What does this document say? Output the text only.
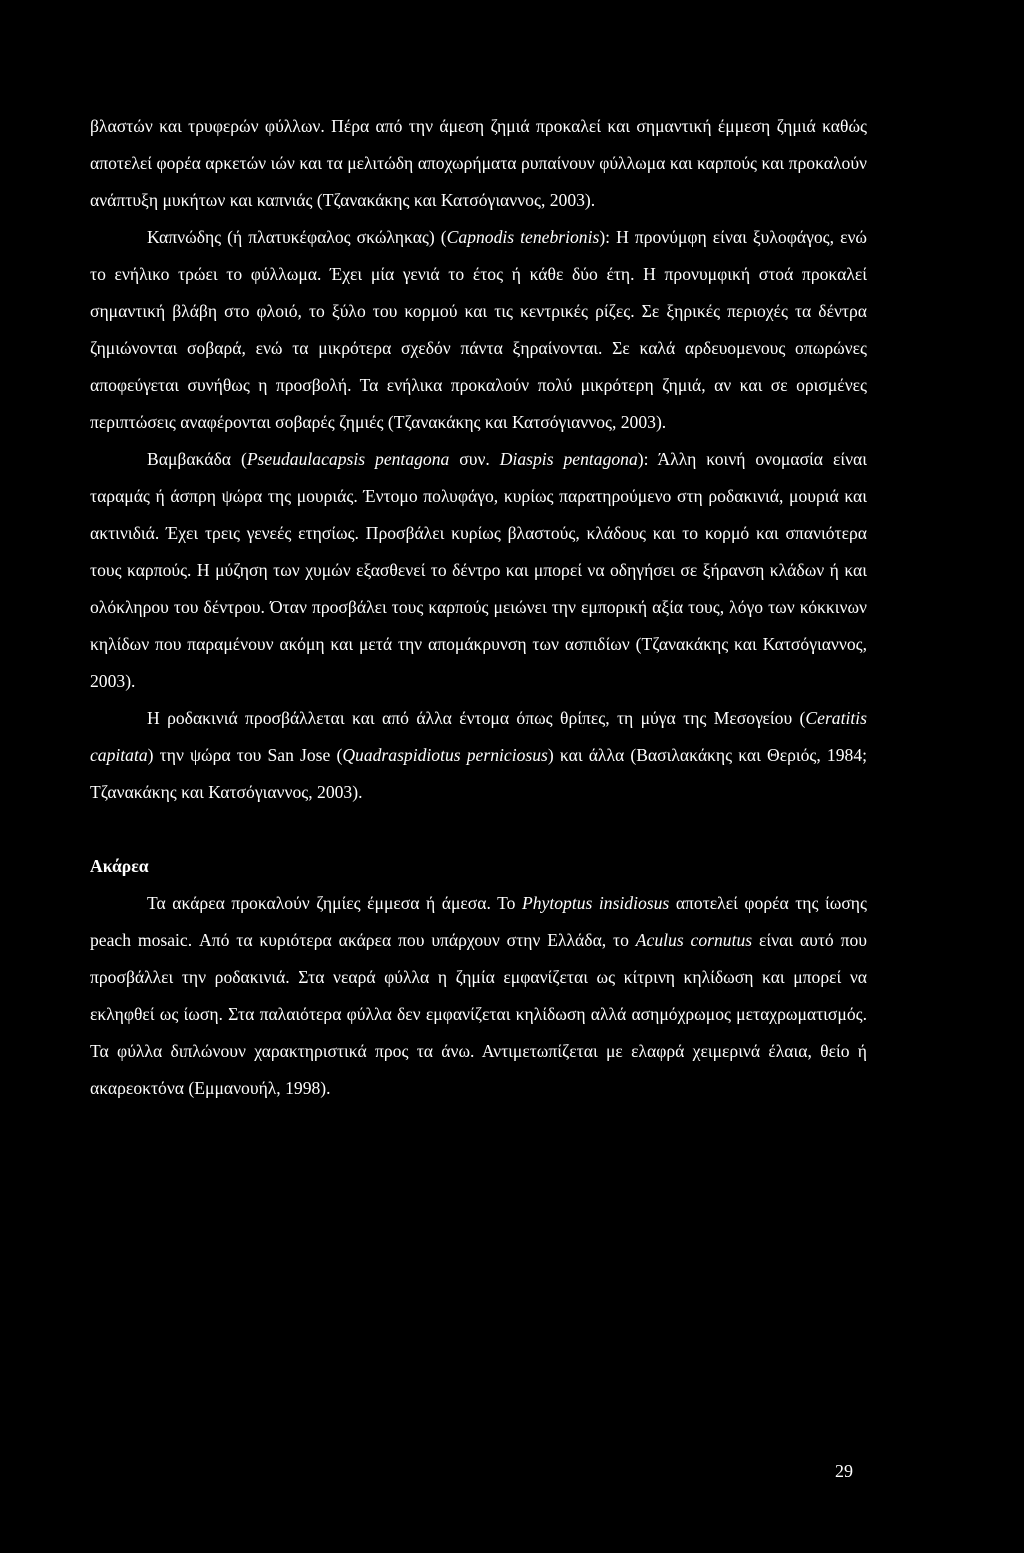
βλαστών και τρυφερών φύλλων. Πέρα από την άμεση ζημιά προκαλεί και σημαντική έμμεση ζημιά καθώς αποτελεί φορέα αρκετών ιών και τα μελιτώδη αποχωρήματα ρυπαίνουν φύλλωμα και καρπούς και προκαλούν ανάπτυξη μυκήτων και καπνιάς (Τζανακάκης και Κατσόγιαννος, 2003).

Καπνώδης (ή πλατυκέφαλος σκώληκας) (Capnodis tenebrionis): Η προνύμφη είναι ξυλοφάγος, ενώ το ενήλικο τρώει το φύλλωμα. Έχει μία γενιά το έτος ή κάθε δύο έτη. Η προνυμφική στοά προκαλεί σημαντική βλάβη στο φλοιό, το ξύλο του κορμού και τις κεντρικές ρίζες. Σε ξηρικές περιοχές τα δέντρα ζημιώνονται σοβαρά, ενώ τα μικρότερα σχεδόν πάντα ξηραίνονται. Σε καλά αρδευομενους οπωρώνες αποφεύγεται συνήθως η προσβολή. Τα ενήλικα προκαλούν πολύ μικρότερη ζημιά, αν και σε ορισμένες περιπτώσεις αναφέρονται σοβαρές ζημιές (Τζανακάκης και Κατσόγιαννος, 2003).

Βαμβακάδα (Pseudaulacapsis pentagona συν. Diaspis pentagona): Άλλη κοινή ονομασία είναι ταραμάς ή άσπρη ψώρα της μουριάς. Έντομο πολυφάγο, κυρίως παρατηρούμενο στη ροδακινιά, μουριά και ακτινιδιά. Έχει τρεις γενεές ετησίως. Προσβάλει κυρίως βλαστούς, κλάδους και το κορμό και σπανιότερα τους καρπούς. Η μύζηση των χυμών εξασθενεί το δέντρο και μπορεί να οδηγήσει σε ξήρανση κλάδων ή και ολόκληρου του δέντρου. Όταν προσβάλει τους καρπούς μειώνει την εμπορική αξία τους, λόγο των κόκκινων κηλίδων που παραμένουν ακόμη και μετά την απομάκρυνση των ασπιδίων (Τζανακάκης και Κατσόγιαννος, 2003).

Η ροδακινιά προσβάλλεται και από άλλα έντομα όπως θρίπες, τη μύγα της Μεσογείου (Ceratitis capitata) την ψώρα του San Jose (Quadraspidiotus perniciosus) και άλλα (Βασιλακάκης και Θεριός, 1984; Τζανακάκης και Κατσόγιαννος, 2003).

Ακάρεα

Τα ακάρεα προκαλούν ζημίες έμμεσα ή άμεσα. Το Phytoptus insidiosus αποτελεί φορέα της ίωσης peach mosaic. Από τα κυριότερα ακάρεα που υπάρχουν στην Ελλάδα, το Aculus cornutus είναι αυτό που προσβάλλει την ροδακινιά. Στα νεαρά φύλλα η ζημία εμφανίζεται ως κίτρινη κηλίδωση και μπορεί να εκληφθεί ως ίωση. Στα παλαιότερα φύλλα δεν εμφανίζεται κηλίδωση αλλά ασημόχρωμος μεταχρωματισμός. Τα φύλλα διπλώνουν χαρακτηριστικά προς τα άνω. Αντιμετωπίζεται με ελαφρά χειμερινά έλαια, θείο ή ακαρεοκτόνα (Εμμανουήλ, 1998).

29
